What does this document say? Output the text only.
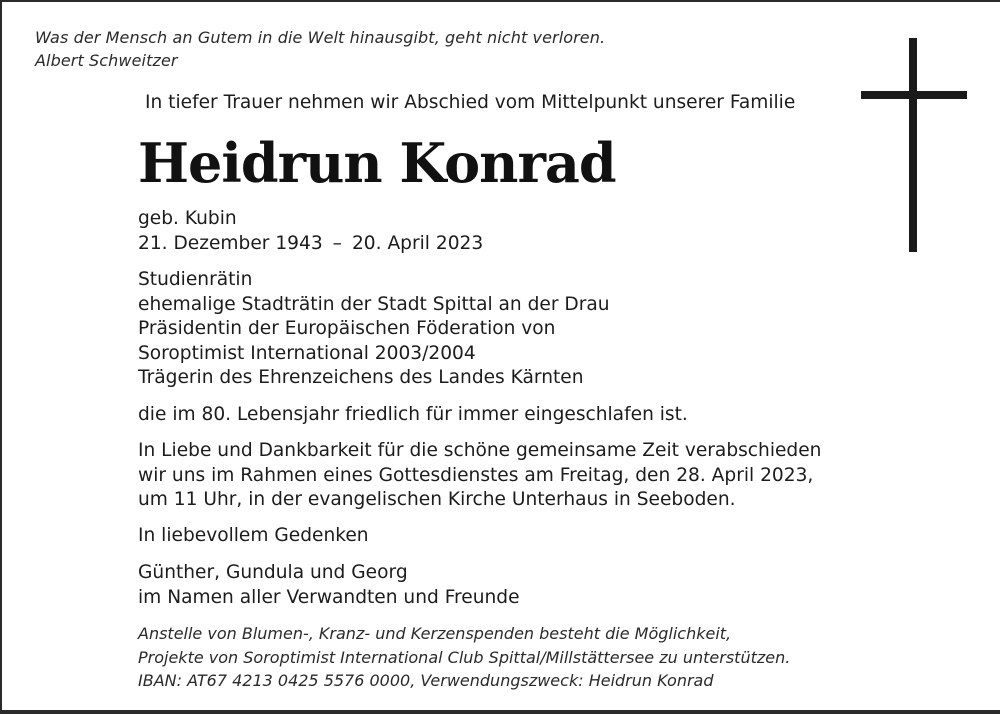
Was der Mensch an Gutem in die Welt hinausgibt, geht nicht verloren.
Albert Schweitzer
In tiefer Trauer nehmen wir Abschied vom Mittelpunkt unserer Familie
Heidrun Konrad
geb. Kubin
21. Dezember 1943 – 20. April 2023
Studienrätin
ehemalige Stadträtin der Stadt Spittal an der Drau
Präsidentin der Europäischen Föderation von
Soroptimist International 2003/2004
Trägerin des Ehrenzeichens des Landes Kärnten
die im 80. Lebensjahr friedlich für immer eingeschlafen ist.
In Liebe und Dankbarkeit für die schöne gemeinsame Zeit verabschieden
wir uns im Rahmen eines Gottesdienstes am Freitag, den 28. April 2023,
um 11 Uhr, in der evangelischen Kirche Unterhaus in Seeboden.
In liebevollem Gedenken
Günther, Gundula und Georg
im Namen aller Verwandten und Freunde
Anstelle von Blumen-, Kranz- und Kerzenspenden besteht die Möglichkeit,
Projekte von Soroptimist International Club Spittal/Millstättersee zu unterstützen.
IBAN: AT67 4213 0425 5576 0000, Verwendungszweck: Heidrun Konrad
